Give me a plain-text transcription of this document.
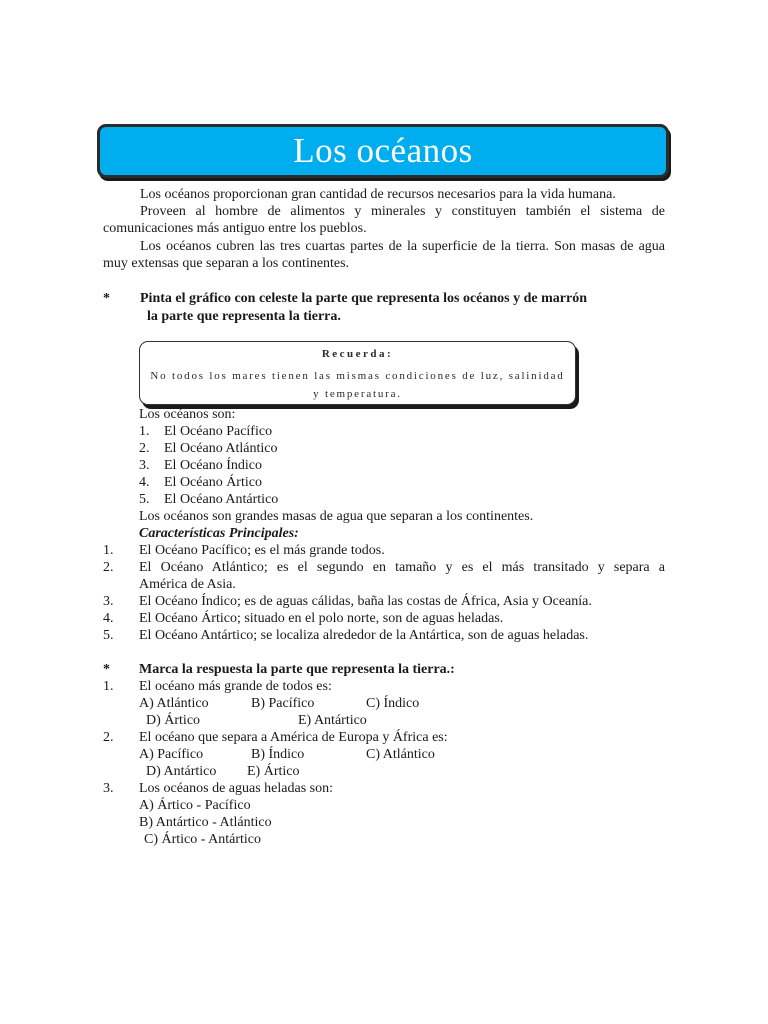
Los océanos

Los océanos proporcionan gran cantidad de recursos necesarios para la vida humana.

Proveen al hombre de alimentos y minerales y constituyen también el sistema de comunicaciones más antiguo entre los pueblos.

Los océanos cubren las tres cuartas partes de la superficie de la tierra. Son masas de agua muy extensas que separan a los continentes.

* Pinta el gráfico con celeste la parte que representa los océanos y de marrón
la parte que representa la tierra.
Recuerda:
No todos los mares tienen las mismas condiciones de luz, salinidad y temperatura.
Los océanos son:
1. El Océano Pacífico
2. El Océano Atlántico
3. El Océano Índico
4. El Océano Ártico
5. El Océano Antártico
Los océanos son grandes masas de agua que separan a los continentes.
Características Principales:
1. El Océano Pacífico; es el más grande todos.
2. El Océano Atlántico; es el segundo en tamaño y es el más transitado y separa a
América de Asia.
3. El Océano Índico; es de aguas cálidas, baña las costas de África, Asia y Oceanía.
4. El Océano Ártico; situado en el polo norte, son de aguas heladas.
5. El Océano Antártico; se localiza alrededor de la Antártica, son de aguas heladas.
* Marca la respuesta la parte que representa la tierra.:
1. El océano más grande de todos es:
A) Atlántico	B) Pacífico	C) Índico
D) Ártico	E) Antártico
2. El océano que separa a América de Europa y África es:
A) Pacífico	B) Índico	C) Atlántico
D) Antártico E) Ártico
3. Los océanos de aguas heladas son:
A) Ártico - Pacífico
B) Antártico - Atlántico
C) Ártico - Antártico
